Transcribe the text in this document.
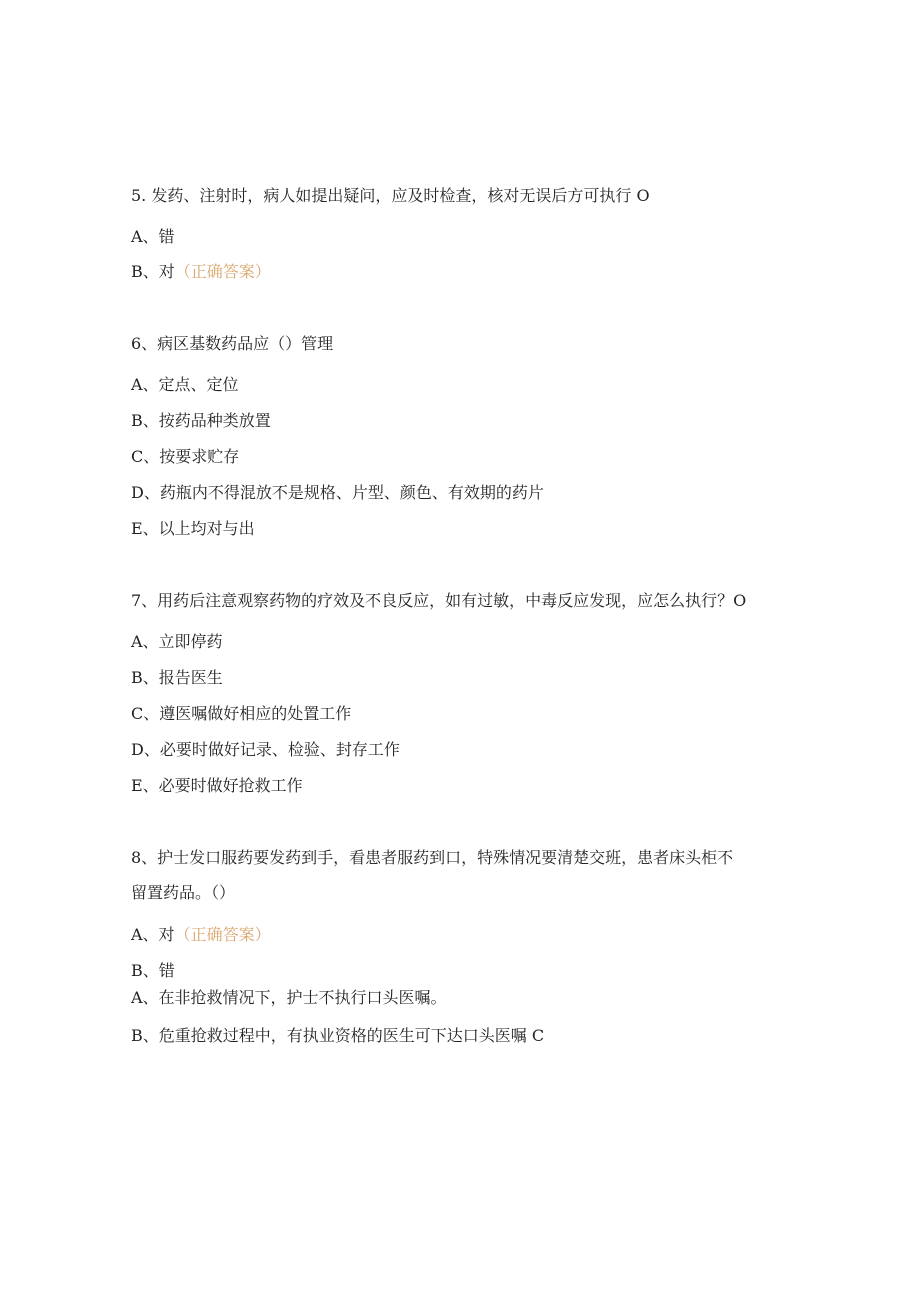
5. 发药、注射时，病人如提出疑问，应及时检查，核对无误后方可执行 O
A、错
B、对（正确答案）
6、病区基数药品应（）管理
A、定点、定位
B、按药品种类放置
C、按要求贮存
D、药瓶内不得混放不是规格、片型、颜色、有效期的药片
E、以上均对与出
7、用药后注意观察药物的疗效及不良反应，如有过敏，中毒反应发现，应怎么执行？O
A、立即停药
B、报告医生
C、遵医嘱做好相应的处置工作
D、必要时做好记录、检验、封存工作
E、必要时做好抢救工作
8、护士发口服药要发药到手，看患者服药到口，特殊情况要清楚交班，患者床头柜不
留置药品。（）
A、对（正确答案）
B、错
A、在非抢救情况下，护士不执行口头医嘱。
B、危重抢救过程中，有执业资格的医生可下达口头医嘱 C
